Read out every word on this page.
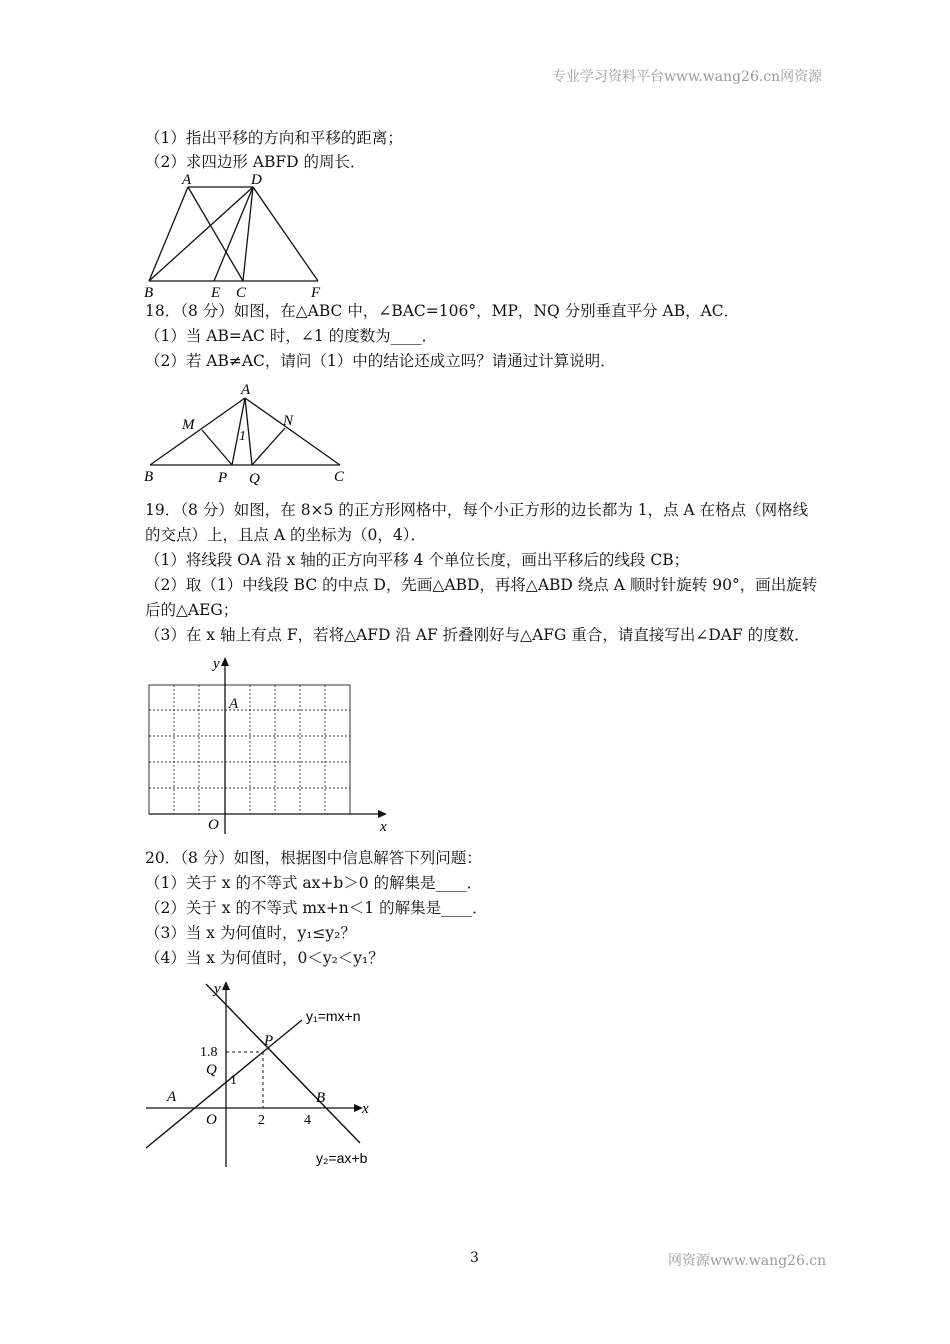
专业学习资料平台www.wang26.cn网资源
（1）指出平移的方向和平移的距离；
（2）求四边形 ABFD 的周长．
A	D
B	E C	F
18．（8 分）如图，在△ABC 中，∠BAC=106°，MP，NQ 分别垂直平分 AB，AC．
（1）当 AB=AC 时，∠1 的度数为____．
（2）若 AB≠AC，请问（1）中的结论还成立吗？请通过计算说明．
A
M	N
1
B	P Q	C
19．（8 分）如图，在 8×5 的正方形网格中，每个小正方形的边长都为 1，点 A 在格点（网格线
的交点）上，且点 A 的坐标为（0，4）．
（1）将线段 OA 沿 x 轴的正方向平移 4 个单位长度，画出平移后的线段 CB；
（2）取（1）中线段 BC 的中点 D，先画△ABD，再将△ABD 绕点 A 顺时针旋转 90°，画出旋转
后的△AEG；
（3）在 x 轴上有点 F，若将△AFD 沿 AF 折叠刚好与△AFG 重合，请直接写出∠DAF 的度数．
y
x
A
O
20．（8 分）如图，根据图中信息解答下列问题：
（1）关于 x 的不等式 ax+b＞0 的解集是____．
（2）关于 x 的不等式 mx+n＜1 的解集是____．
（3）当 x 为何值时，y₁≤y₂？
（4）当 x 为何值时，0＜y₂＜y₁？
y
x
y₁=mx+n
y₂=ax+b
P
Q
A	B
O
1.8
1
2	4
3	网资源www.wang26.cn
